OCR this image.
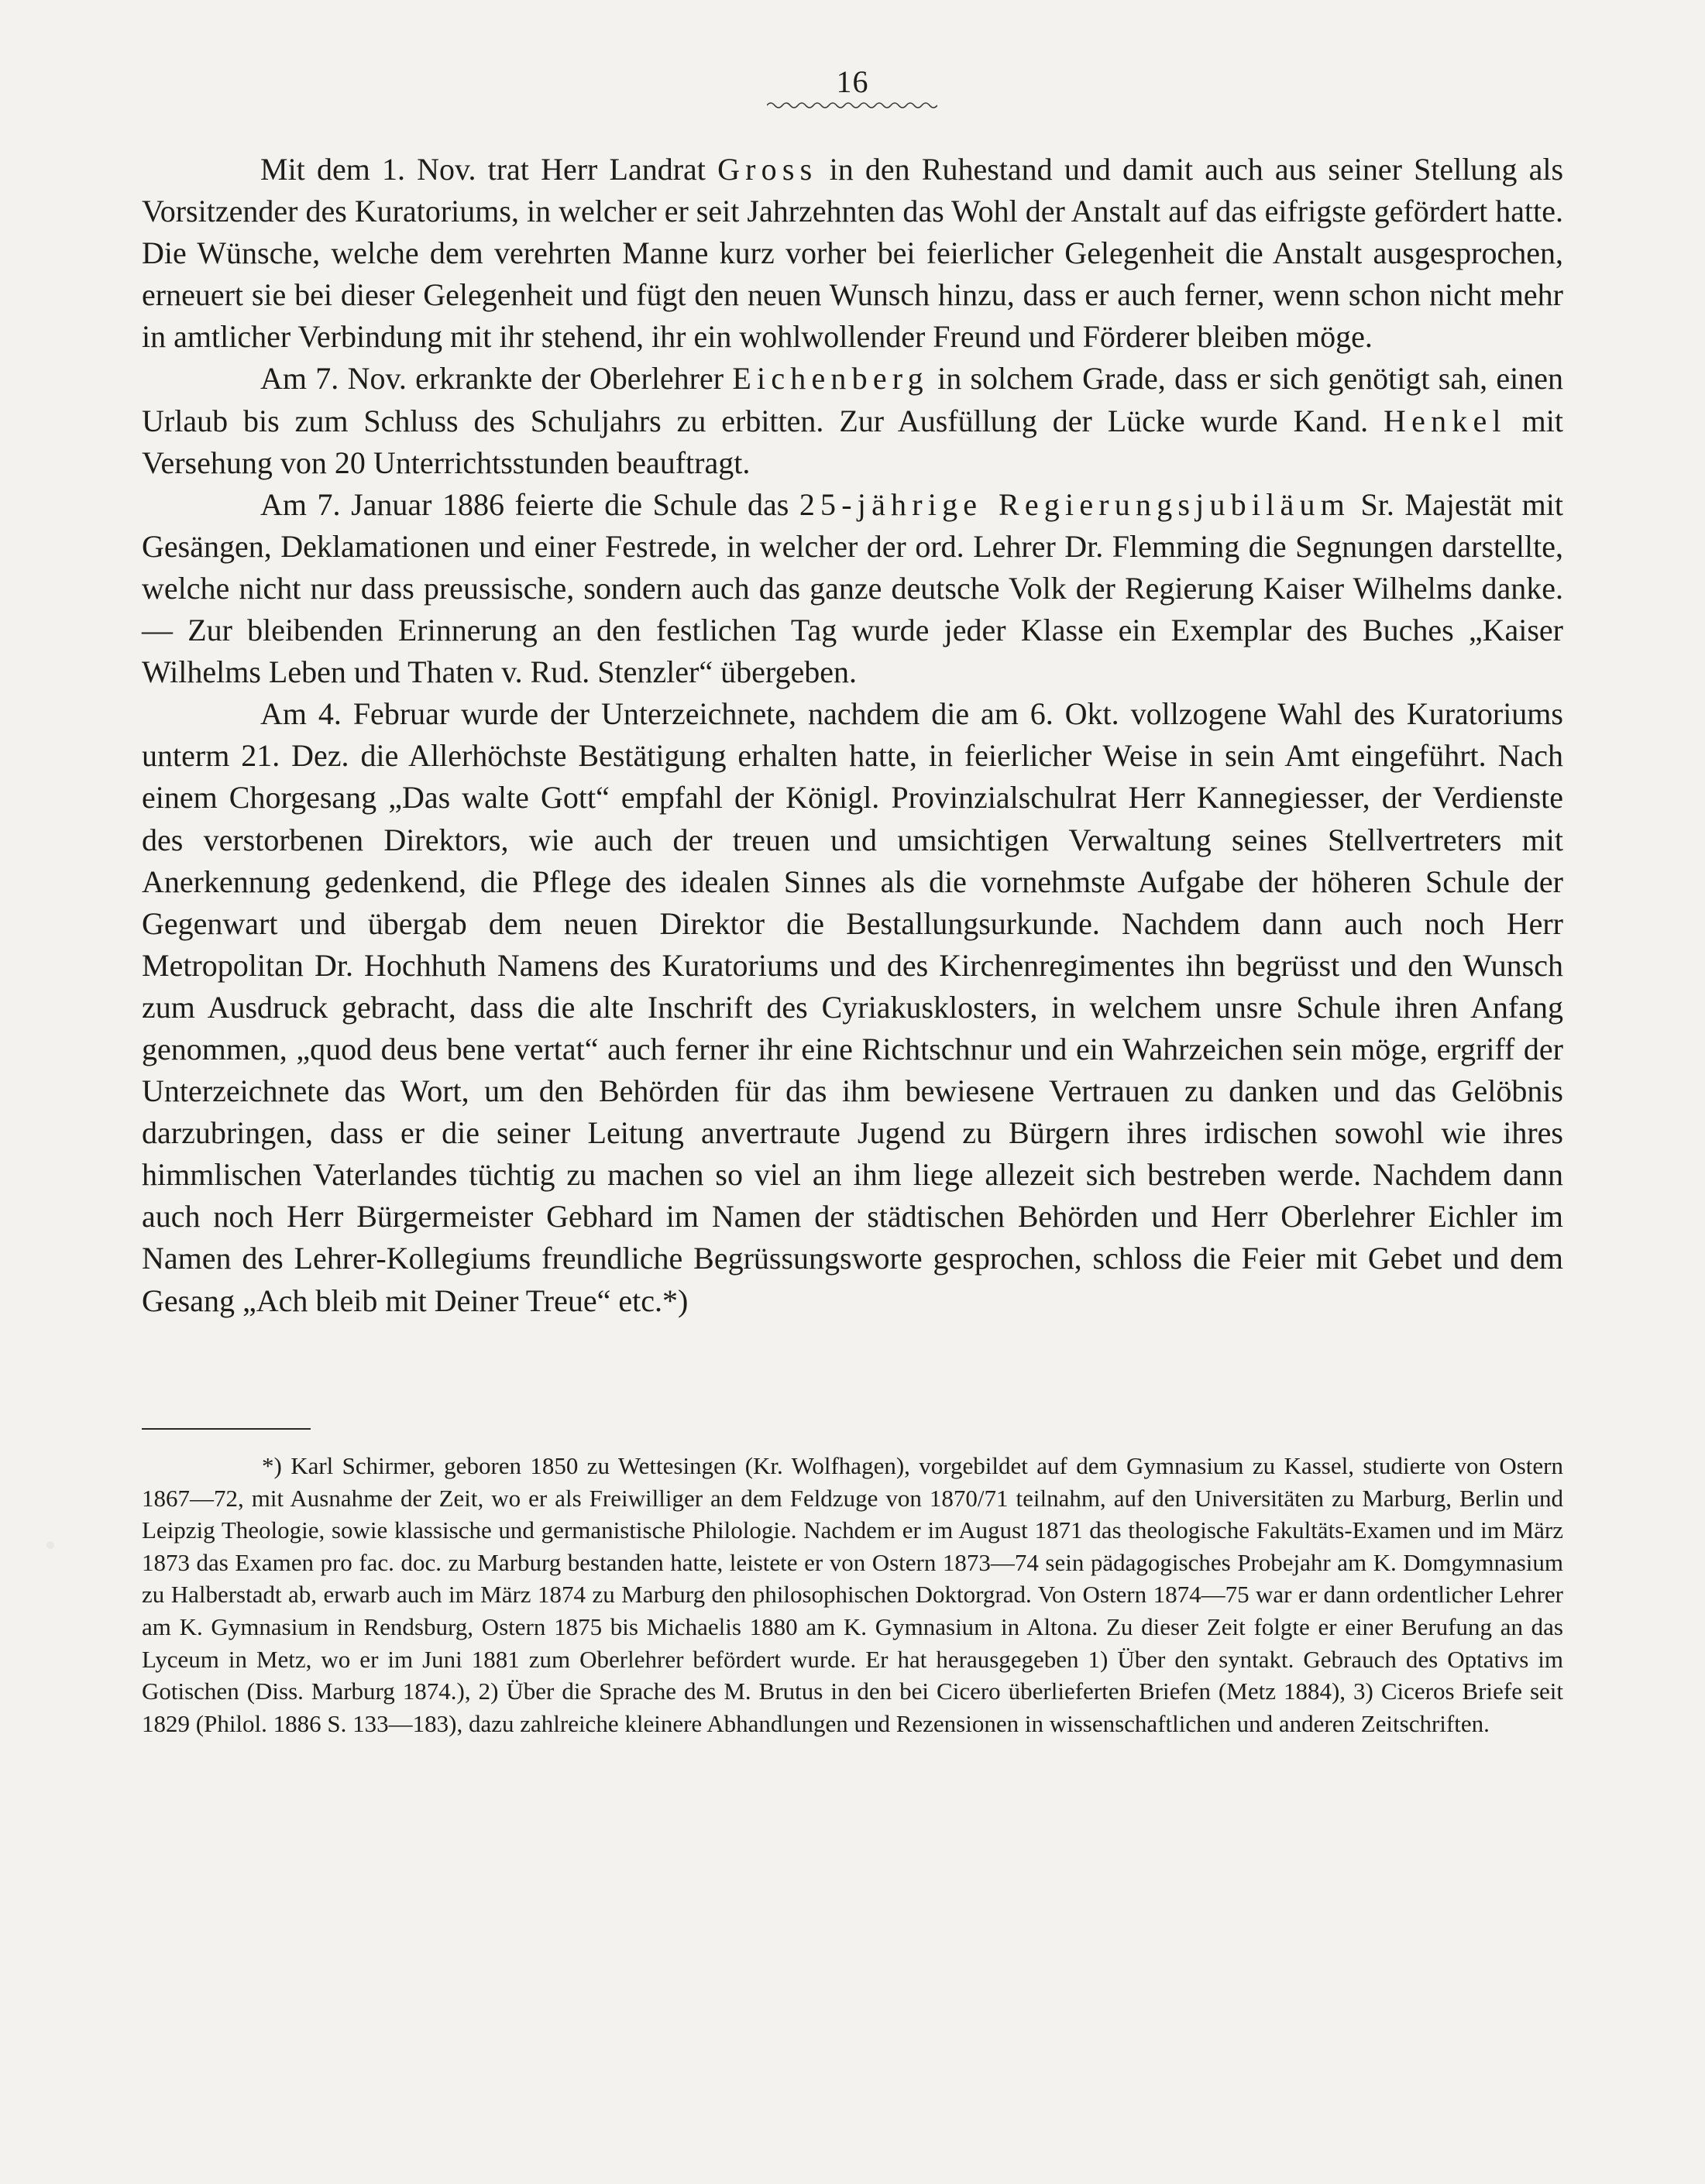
16

Mit dem 1. Nov. trat Herr Landrat Gross in den Ruhestand und damit auch aus seiner Stellung als Vorsitzender des Kuratoriums, in welcher er seit Jahrzehnten das Wohl der Anstalt auf das eifrigste gefördert hatte. Die Wünsche, welche dem verehrten Manne kurz vorher bei feierlicher Gelegenheit die Anstalt ausgesprochen, erneuert sie bei dieser Gelegenheit und fügt den neuen Wunsch hinzu, dass er auch ferner, wenn schon nicht mehr in amtlicher Verbindung mit ihr stehend, ihr ein wohlwollender Freund und Förderer bleiben möge.

Am 7. Nov. erkrankte der Oberlehrer Eichenberg in solchem Grade, dass er sich genötigt sah, einen Urlaub bis zum Schluss des Schuljahrs zu erbitten. Zur Ausfüllung der Lücke wurde Kand. Henkel mit Versehung von 20 Unterrichtsstunden beauftragt.

Am 7. Januar 1886 feierte die Schule das 25-jährige Regierungsjubiläum Sr. Majestät mit Gesängen, Deklamationen und einer Festrede, in welcher der ord. Lehrer Dr. Flemming die Segnungen darstellte, welche nicht nur dass preussische, sondern auch das ganze deutsche Volk der Regierung Kaiser Wilhelms danke. — Zur bleibenden Erinnerung an den festlichen Tag wurde jeder Klasse ein Exemplar des Buches „Kaiser Wilhelms Leben und Thaten v. Rud. Stenzler“ übergeben.

Am 4. Februar wurde der Unterzeichnete, nachdem die am 6. Okt. vollzogene Wahl des Kuratoriums unterm 21. Dez. die Allerhöchste Bestätigung erhalten hatte, in feierlicher Weise in sein Amt eingeführt. Nach einem Chorgesang „Das walte Gott“ empfahl der Königl. Provinzialschulrat Herr Kannegiesser, der Verdienste des verstorbenen Direktors, wie auch der treuen und umsichtigen Verwaltung seines Stellvertreters mit Anerkennung gedenkend, die Pflege des idealen Sinnes als die vornehmste Aufgabe der höheren Schule der Gegenwart und übergab dem neuen Direktor die Bestallungsurkunde. Nachdem dann auch noch Herr Metropolitan Dr. Hochhuth Namens des Kuratoriums und des Kirchenregimentes ihn begrüsst und den Wunsch zum Ausdruck gebracht, dass die alte Inschrift des Cyriakusklosters, in welchem unsre Schule ihren Anfang genommen, „quod deus bene vertat“ auch ferner ihr eine Richtschnur und ein Wahrzeichen sein möge, ergriff der Unterzeichnete das Wort, um den Behörden für das ihm bewiesene Vertrauen zu danken und das Gelöbnis darzubringen, dass er die seiner Leitung anvertraute Jugend zu Bürgern ihres irdischen sowohl wie ihres himmlischen Vaterlandes tüchtig zu machen so viel an ihm liege allezeit sich bestreben werde. Nachdem dann auch noch Herr Bürgermeister Gebhard im Namen der städtischen Behörden und Herr Oberlehrer Eichler im Namen des Lehrer-Kollegiums freundliche Begrüssungsworte gesprochen, schloss die Feier mit Gebet und dem Gesang „Ach bleib mit Deiner Treue“ etc.*)

*) Karl Schirmer, geboren 1850 zu Wettesingen (Kr. Wolfhagen), vorgebildet auf dem Gymnasium zu Kassel, studierte von Ostern 1867—72, mit Ausnahme der Zeit, wo er als Freiwilliger an dem Feldzuge von 1870/71 teilnahm, auf den Universitäten zu Marburg, Berlin und Leipzig Theologie, sowie klassische und germanistische Philologie. Nachdem er im August 1871 das theologische Fakultäts-Examen und im März 1873 das Examen pro fac. doc. zu Marburg bestanden hatte, leistete er von Ostern 1873—74 sein pädagogisches Probejahr am K. Domgymnasium zu Halberstadt ab, erwarb auch im März 1874 zu Marburg den philosophischen Doktorgrad. Von Ostern 1874—75 war er dann ordentlicher Lehrer am K. Gymnasium in Rendsburg, Ostern 1875 bis Michaelis 1880 am K. Gymnasium in Altona. Zu dieser Zeit folgte er einer Berufung an das Lyceum in Metz, wo er im Juni 1881 zum Oberlehrer befördert wurde. Er hat herausgegeben 1) Über den syntakt. Gebrauch des Optativs im Gotischen (Diss. Marburg 1874.), 2) Über die Sprache des M. Brutus in den bei Cicero überlieferten Briefen (Metz 1884), 3) Ciceros Briefe seit 1829 (Philol. 1886 S. 133—183), dazu zahlreiche kleinere Abhandlungen und Rezensionen in wissenschaftlichen und anderen Zeitschriften.
